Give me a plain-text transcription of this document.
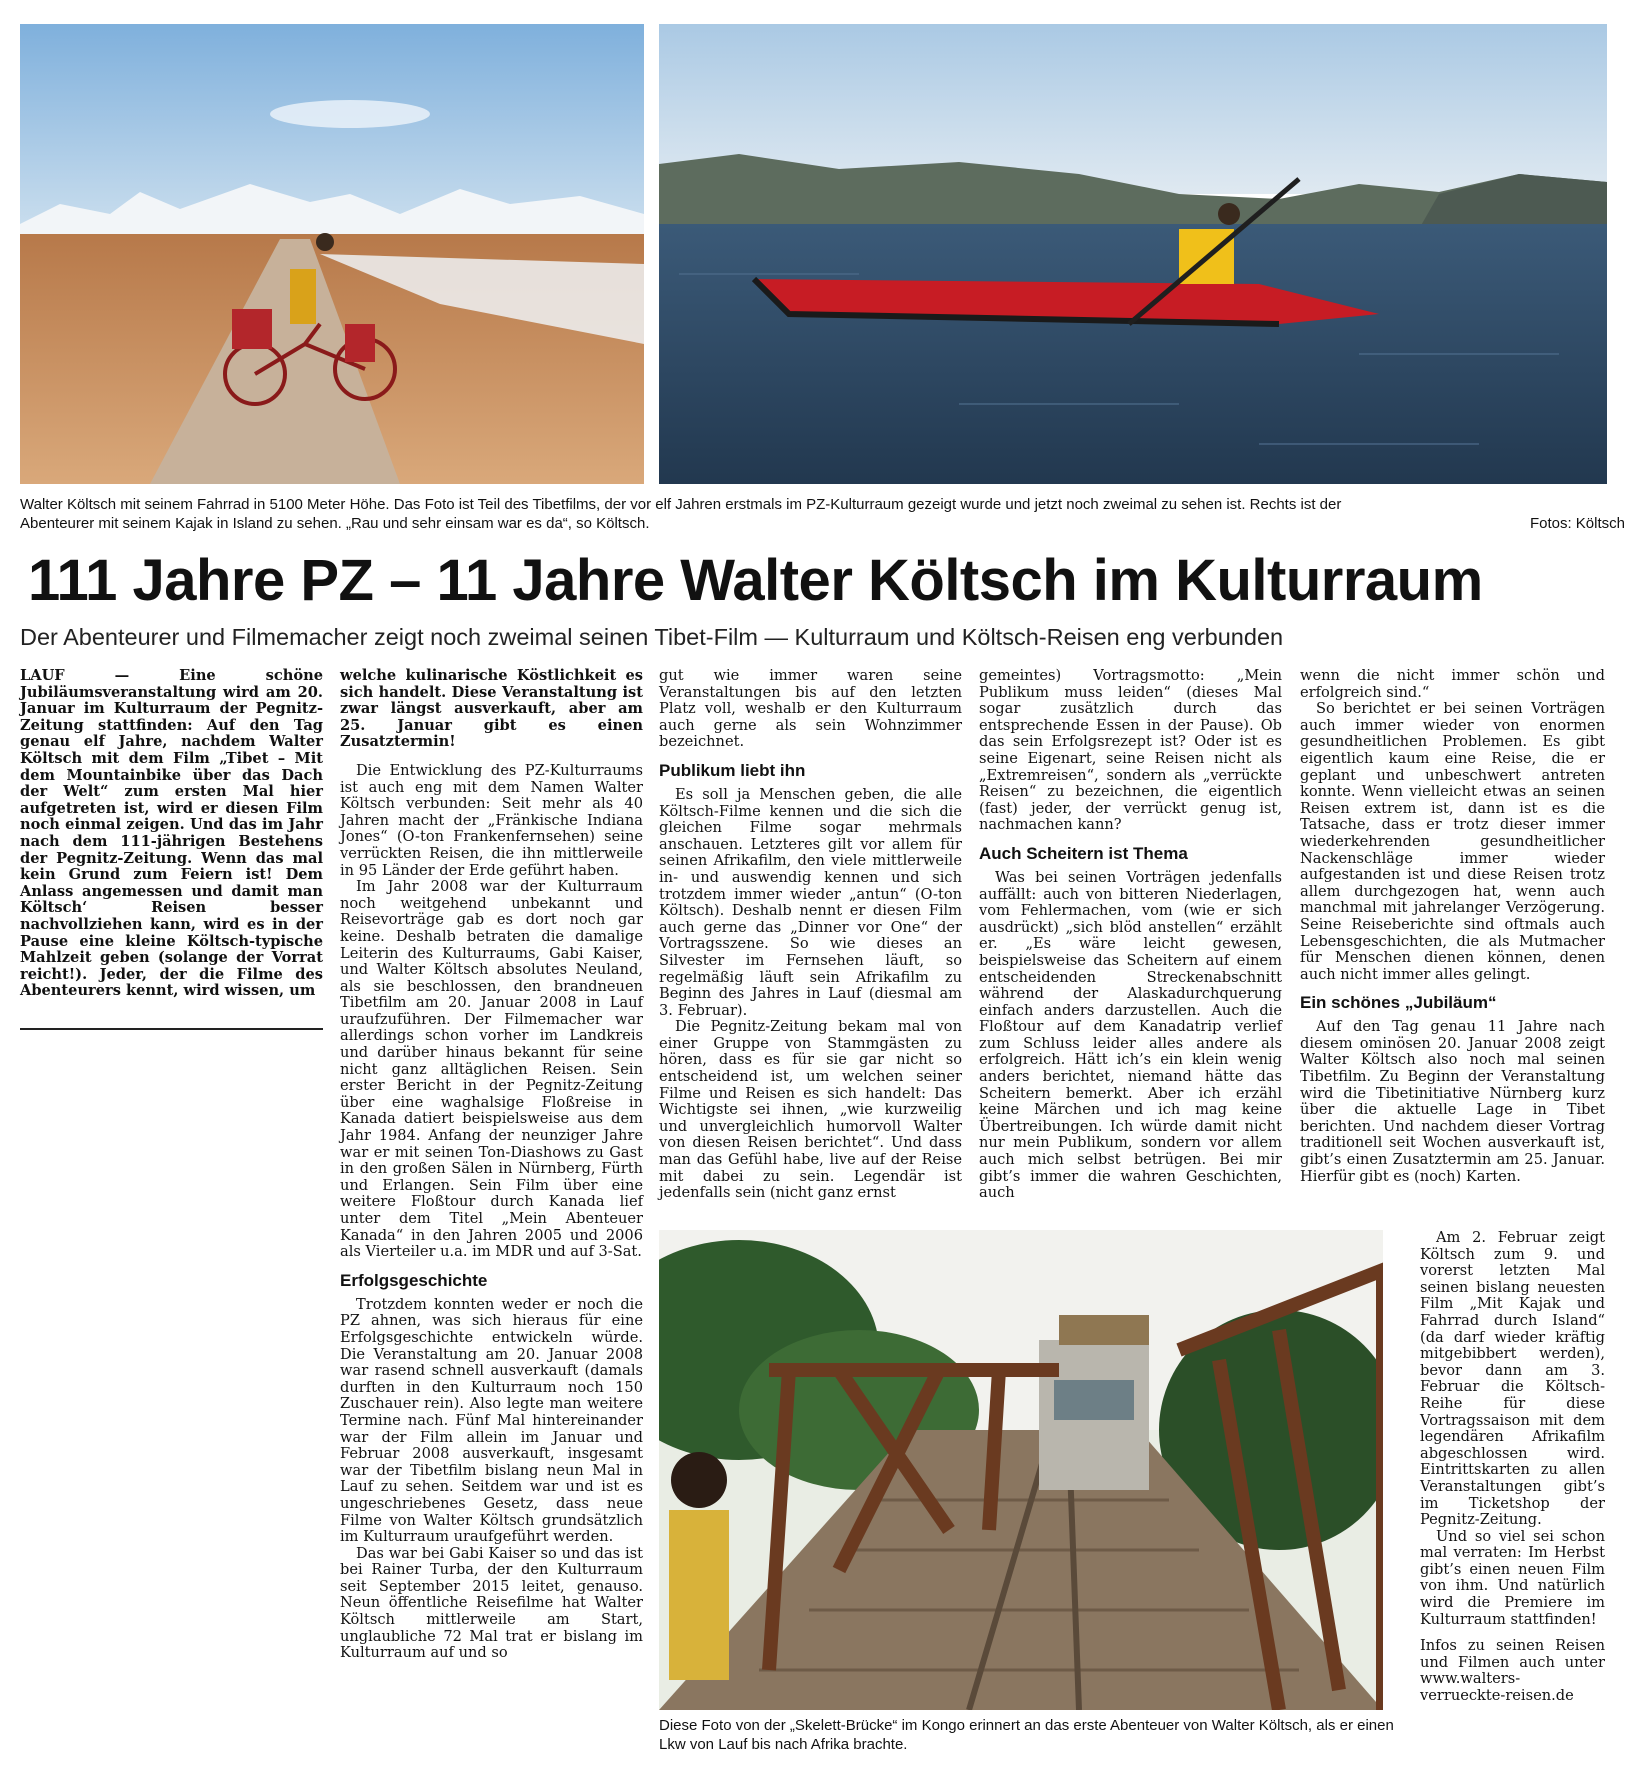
Walter Költsch mit seinem Fahrrad in 5100 Meter Höhe. Das Foto ist Teil des Tibetfilms, der vor elf Jahren erstmals im PZ-Kulturraum gezeigt wurde und jetzt noch zweimal zu sehen ist. Rechts ist der
Abenteurer mit seinem Kajak in Island zu sehen. „Rau und sehr einsam war es da“, so Költsch.	Fotos: Költsch
111 Jahre PZ – 11 Jahre Walter Költsch im Kulturraum
Der Abenteurer und Filmemacher zeigt noch zweimal seinen Tibet-Film — Kulturraum und Költsch-Reisen eng verbunden

LAUF — Eine schöne Jubiläumsveranstaltung wird am 20. Januar im Kulturraum der Pegnitz-Zeitung stattfinden: Auf den Tag genau elf Jahre, nachdem Walter Költsch mit dem Film „Tibet – Mit dem Mountainbike über das Dach der Welt“ zum ersten Mal hier aufgetreten ist, wird er diesen Film noch einmal zeigen. Und das im Jahr nach dem 111-jährigen Bestehens der Pegnitz-Zeitung. Wenn das mal kein Grund zum Feiern ist! Dem Anlass angemessen und damit man Költsch‘ Reisen besser nachvollziehen kann, wird es in der Pause eine kleine Költsch-typische Mahlzeit geben (solange der Vorrat reicht!). Jeder, der die Filme des Abenteurers kennt, wird wissen, um

welche kulinarische Köstlichkeit es sich handelt. Diese Veranstaltung ist zwar längst ausverkauft, aber am 25. Januar gibt es einen Zusatztermin!

Die Entwicklung des PZ-Kulturraums ist auch eng mit dem Namen Walter Költsch verbunden: Seit mehr als 40 Jahren macht der „Fränkische Indiana Jones“ (O-ton Frankenfernsehen) seine verrückten Reisen, die ihn mittlerweile in 95 Länder der Erde geführt haben.

Im Jahr 2008 war der Kulturraum noch weitgehend unbekannt und Reisevorträge gab es dort noch gar keine. Deshalb betraten die damalige Leiterin des Kulturraums, Gabi Kaiser, und Walter Költsch absolutes Neuland, als sie beschlossen, den brandneuen Tibetfilm am 20. Januar 2008 in Lauf uraufzuführen. Der Filmemacher war allerdings schon vorher im Landkreis und darüber hinaus bekannt für seine nicht ganz alltäglichen Reisen. Sein erster Bericht in der Pegnitz-Zeitung über eine waghalsige Floßreise in Kanada datiert beispielsweise aus dem Jahr 1984. Anfang der neunziger Jahre war er mit seinen Ton-Diashows zu Gast in den großen Sälen in Nürnberg, Fürth und Erlangen. Sein Film über eine weitere Floßtour durch Kanada lief unter dem Titel „Mein Abenteuer Kanada“ in den Jahren 2005 und 2006 als Vierteiler u.a. im MDR und auf 3-Sat.

Erfolgsgeschichte

Trotzdem konnten weder er noch die PZ ahnen, was sich hieraus für eine Erfolgsgeschichte entwickeln würde. Die Veranstaltung am 20. Januar 2008 war rasend schnell ausverkauft (damals durften in den Kulturraum noch 150 Zuschauer rein). Also legte man weitere Termine nach. Fünf Mal hintereinander war der Film allein im Januar und Februar 2008 ausverkauft, insgesamt war der Tibetfilm bislang neun Mal in Lauf zu sehen. Seitdem war und ist es ungeschriebenes Gesetz, dass neue Filme von Walter Költsch grundsätzlich im Kulturraum uraufgeführt werden.

Das war bei Gabi Kaiser so und das ist bei Rainer Turba, der den Kulturraum seit September 2015 leitet, genauso. Neun öffentliche Reisefilme hat Walter Költsch mittlerweile am Start, unglaubliche 72 Mal trat er bislang im Kulturraum auf und so

gut wie immer waren seine Veranstaltungen bis auf den letzten Platz voll, weshalb er den Kulturraum auch gerne als sein Wohnzimmer bezeichnet.

Publikum liebt ihn

Es soll ja Menschen geben, die alle Költsch-Filme kennen und die sich die gleichen Filme sogar mehrmals anschauen. Letzteres gilt vor allem für seinen Afrikafilm, den viele mittlerweile in- und auswendig kennen und sich trotzdem immer wieder „antun“ (O-ton Költsch). Deshalb nennt er diesen Film auch gerne das „Dinner vor One“ der Vortragsszene. So wie dieses an Silvester im Fernsehen läuft, so regelmäßig läuft sein Afrikafilm zu Beginn des Jahres in Lauf (diesmal am 3. Februar).

Die Pegnitz-Zeitung bekam mal von einer Gruppe von Stammgästen zu hören, dass es für sie gar nicht so entscheidend ist, um welchen seiner Filme und Reisen es sich handelt: Das Wichtigste sei ihnen, „wie kurzweilig und unvergleichlich humorvoll Walter von diesen Reisen berichtet“. Und dass man das Gefühl habe, live auf der Reise mit dabei zu sein. Legendär ist jedenfalls sein (nicht ganz ernst

gemeintes) Vortragsmotto: „Mein Publikum muss leiden“ (dieses Mal sogar zusätzlich durch das entsprechende Essen in der Pause). Ob das sein Erfolgsrezept ist? Oder ist es seine Eigenart, seine Reisen nicht als „Extremreisen“, sondern als „verrückte Reisen“ zu bezeichnen, die eigentlich (fast) jeder, der verrückt genug ist, nachmachen kann?

Auch Scheitern ist Thema

Was bei seinen Vorträgen jedenfalls auffällt: auch von bitteren Niederlagen, vom Fehlermachen, vom (wie er sich ausdrückt) „sich blöd anstellen“ erzählt er. „Es wäre leicht gewesen, beispielsweise das Scheitern auf einem entscheidenden Streckenabschnitt während der Alaskadurchquerung einfach anders darzustellen. Auch die Floßtour auf dem Kanadatrip verlief zum Schluss leider alles andere als erfolgreich. Hätt ich’s ein klein wenig anders berichtet, niemand hätte das Scheitern bemerkt. Aber ich erzähl keine Märchen und ich mag keine Übertreibungen. Ich würde damit nicht nur mein Publikum, sondern vor allem auch mich selbst betrügen. Bei mir gibt’s immer die wahren Geschichten, auch

wenn die nicht immer schön und erfolgreich sind.“

So berichtet er bei seinen Vorträgen auch immer wieder von enormen gesundheitlichen Problemen. Es gibt eigentlich kaum eine Reise, die er geplant und unbeschwert antreten konnte. Wenn vielleicht etwas an seinen Reisen extrem ist, dann ist es die Tatsache, dass er trotz dieser immer wiederkehrenden gesundheitlicher Nackenschläge immer wieder aufgestanden ist und diese Reisen trotz allem durchgezogen hat, wenn auch manchmal mit jahrelanger Verzögerung. Seine Reiseberichte sind oftmals auch Lebensgeschichten, die als Mutmacher für Menschen dienen können, denen auch nicht immer alles gelingt.

Ein schönes „Jubiläum“

Auf den Tag genau 11 Jahre nach diesem ominösen 20. Januar 2008 zeigt Walter Költsch also noch mal seinen Tibetfilm. Zu Beginn der Veranstaltung wird die Tibetinitiative Nürnberg kurz über die aktuelle Lage in Tibet berichten. Und nachdem dieser Vortrag traditionell seit Wochen ausverkauft ist, gibt’s einen Zusatztermin am 25. Januar. Hierfür gibt es (noch) Karten.

Am 2. Februar zeigt Költsch zum 9. und vorerst letzten Mal seinen bislang neuesten Film „Mit Kajak und Fahrrad durch Island“ (da darf wieder kräftig mitgebibbert werden), bevor dann am 3. Februar die Költsch-Reihe für diese Vortragssaison mit dem legendären Afrikafilm abgeschlossen wird. Eintrittskarten zu allen Veranstaltungen gibt’s im Ticketshop der Pegnitz-Zeitung.

Und so viel sei schon mal verraten: Im Herbst gibt’s einen neuen Film von ihm. Und natürlich wird die Premiere im Kulturraum stattfinden!

Infos zu seinen Reisen und Filmen auch unter www.walters-verrueckte-reisen.de

Diese Foto von der „Skelett-Brücke“ im Kongo erinnert an das erste Abenteuer von Walter Költsch, als er einen Lkw von Lauf bis nach Afrika brachte.
